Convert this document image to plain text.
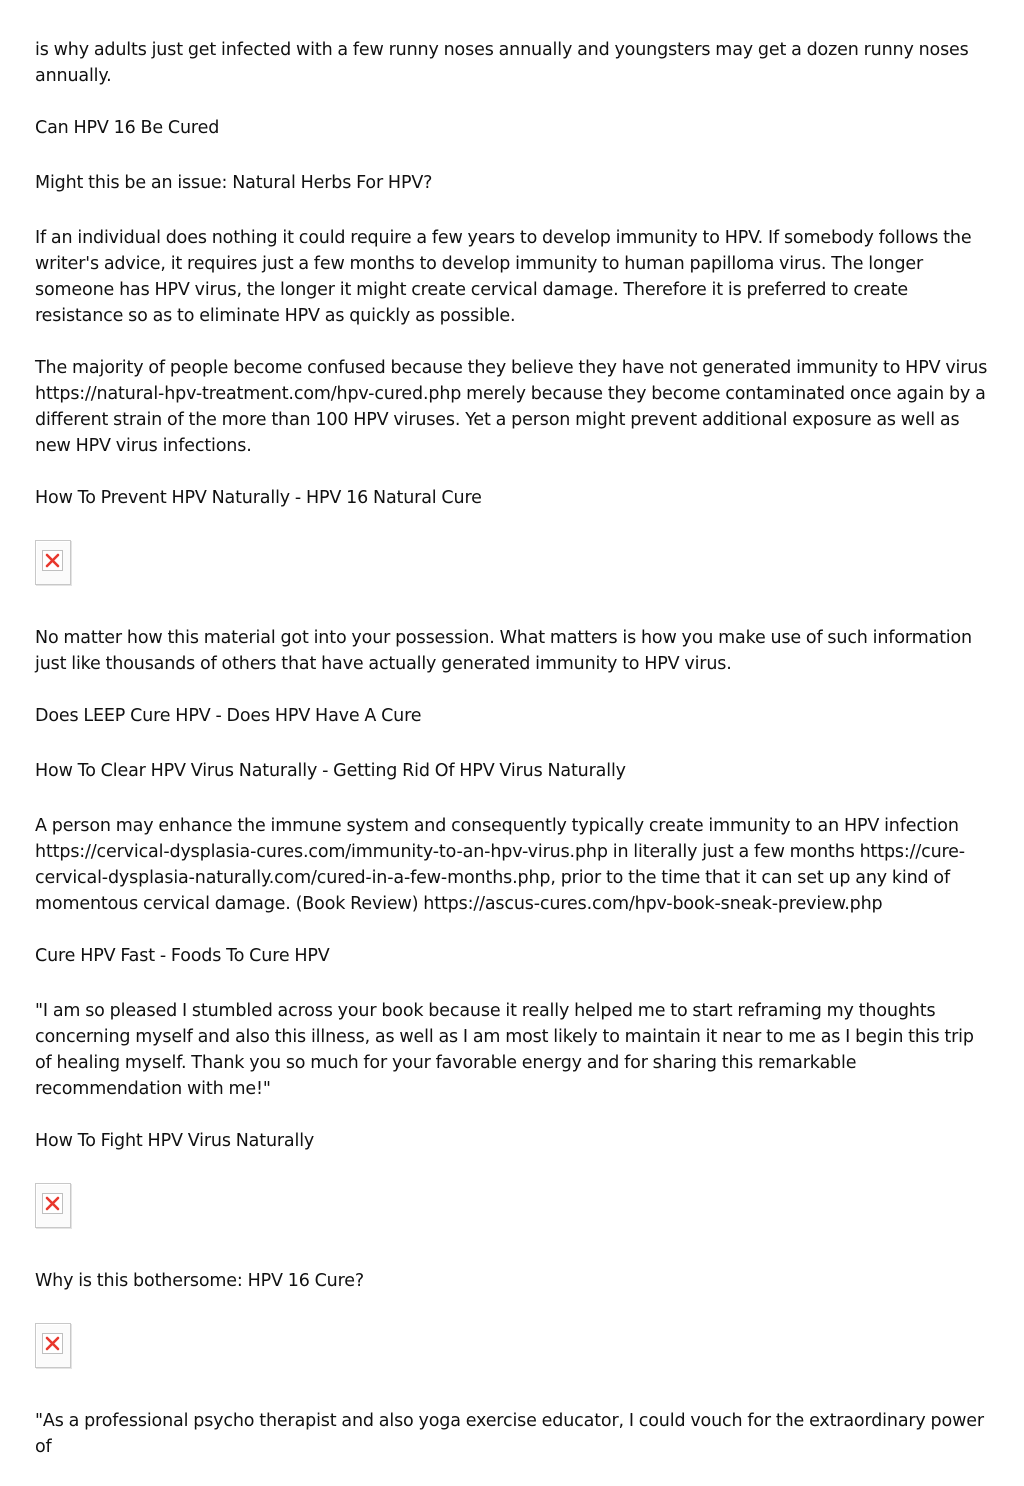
is why adults just get infected with a few runny noses annually and youngsters may get a dozen runny noses annually.

Can HPV 16 Be Cured

Might this be an issue: Natural Herbs For HPV?

If an individual does nothing it could require a few years to develop immunity to HPV. If somebody follows the writer's advice, it requires just a few months to develop immunity to human papilloma virus. The longer someone has HPV virus, the longer it might create cervical damage. Therefore it is preferred to create resistance so as to eliminate HPV as quickly as possible.

The majority of people become confused because they believe they have not generated immunity to HPV virus https://natural-hpv-treatment.com/hpv-cured.php merely because they become contaminated once again by a different strain of the more than 100 HPV viruses. Yet a person might prevent additional exposure as well as new HPV virus infections.

How To Prevent HPV Naturally - HPV 16 Natural Cure

No matter how this material got into your possession. What matters is how you make use of such information just like thousands of others that have actually generated immunity to HPV virus.

Does LEEP Cure HPV - Does HPV Have A Cure

How To Clear HPV Virus Naturally - Getting Rid Of HPV Virus Naturally

A person may enhance the immune system and consequently typically create immunity to an HPV infection https://cervical-dysplasia-cures.com/immunity-to-an-hpv-virus.php in literally just a few months https://cure-cervical-dysplasia-naturally.com/cured-in-a-few-months.php, prior to the time that it can set up any kind of momentous cervical damage. (Book Review) https://ascus-cures.com/hpv-book-sneak-preview.php

Cure HPV Fast - Foods To Cure HPV

"I am so pleased I stumbled across your book because it really helped me to start reframing my thoughts concerning myself and also this illness, as well as I am most likely to maintain it near to me as I begin this trip of healing myself. Thank you so much for your favorable energy and for sharing this remarkable recommendation with me!"

How To Fight HPV Virus Naturally

Why is this bothersome: HPV 16 Cure?

"As a professional psycho therapist and also yoga exercise educator, I could vouch for the extraordinary power of
